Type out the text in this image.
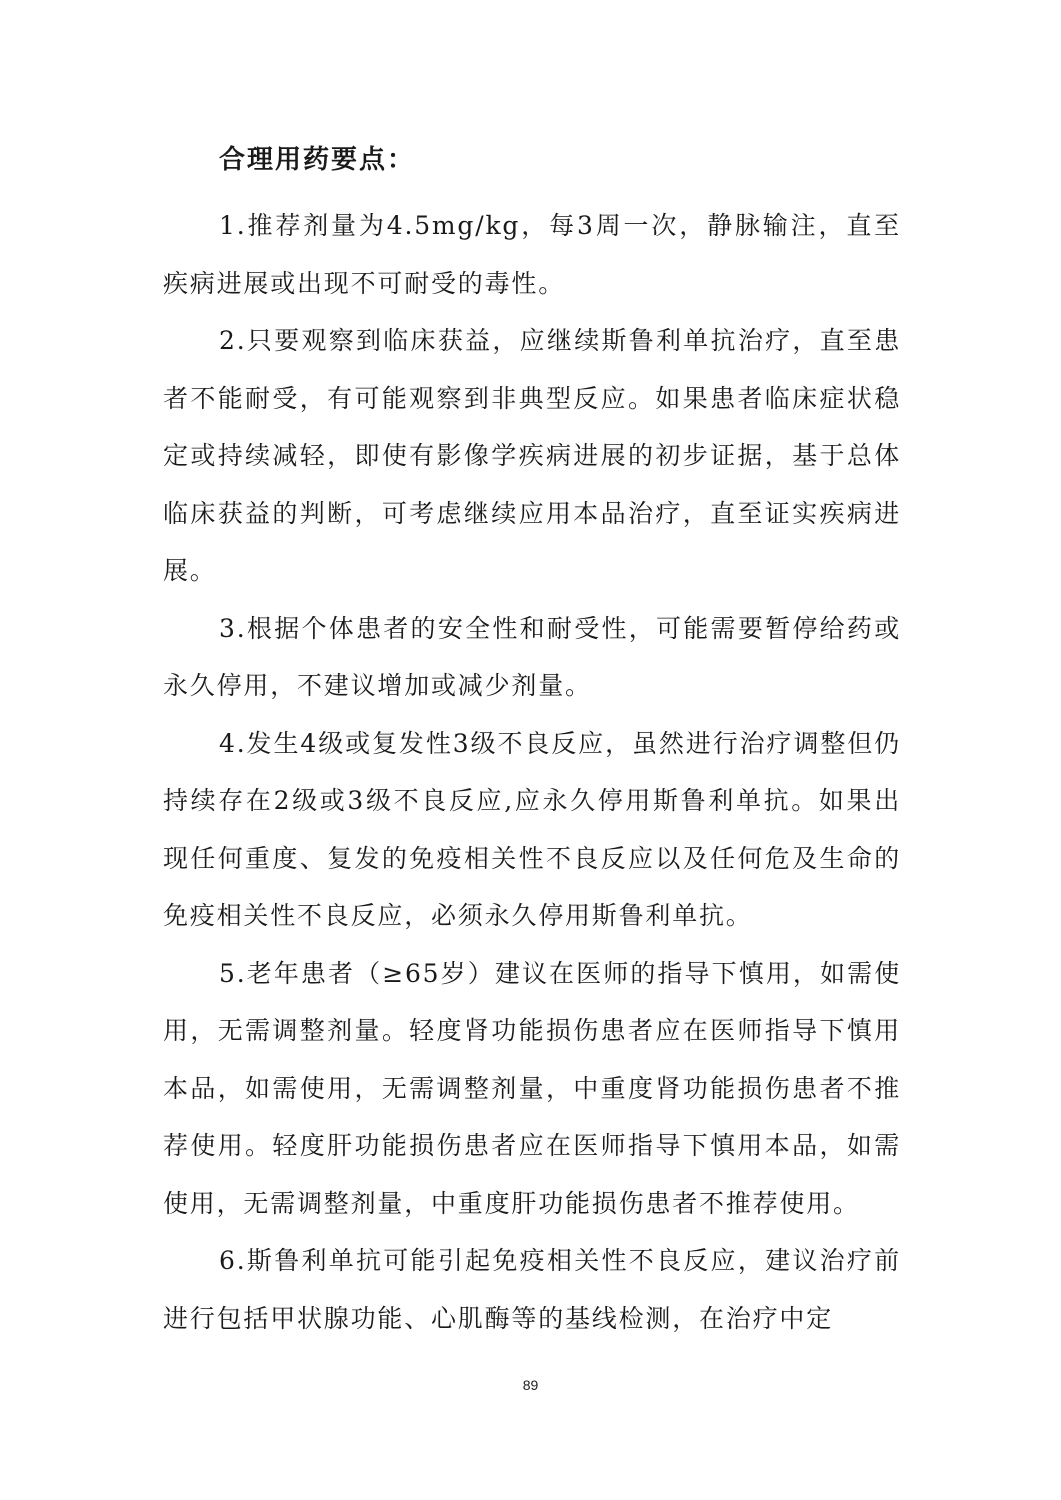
合理用药要点：

1.推荐剂量为4.5mg/kg，每3周一次，静脉输注，直至疾病进展或出现不可耐受的毒性。

2.只要观察到临床获益，应继续斯鲁利单抗治疗，直至患者不能耐受，有可能观察到非典型反应。如果患者临床症状稳定或持续减轻，即使有影像学疾病进展的初步证据，基于总体临床获益的判断，可考虑继续应用本品治疗，直至证实疾病进展。

3.根据个体患者的安全性和耐受性，可能需要暂停给药或永久停用，不建议增加或减少剂量。

4.发生4级或复发性3级不良反应，虽然进行治疗调整但仍持续存在2级或3级不良反应,应永久停用斯鲁利单抗。如果出现任何重度、复发的免疫相关性不良反应以及任何危及生命的免疫相关性不良反应，必须永久停用斯鲁利单抗。

5.老年患者（≥65岁）建议在医师的指导下慎用，如需使用，无需调整剂量。轻度肾功能损伤患者应在医师指导下慎用本品，如需使用，无需调整剂量，中重度肾功能损伤患者不推荐使用。轻度肝功能损伤患者应在医师指导下慎用本品，如需使用，无需调整剂量，中重度肝功能损伤患者不推荐使用。

6.斯鲁利单抗可能引起免疫相关性不良反应，建议治疗前进行包括甲状腺功能、心肌酶等的基线检测，在治疗中定

89
